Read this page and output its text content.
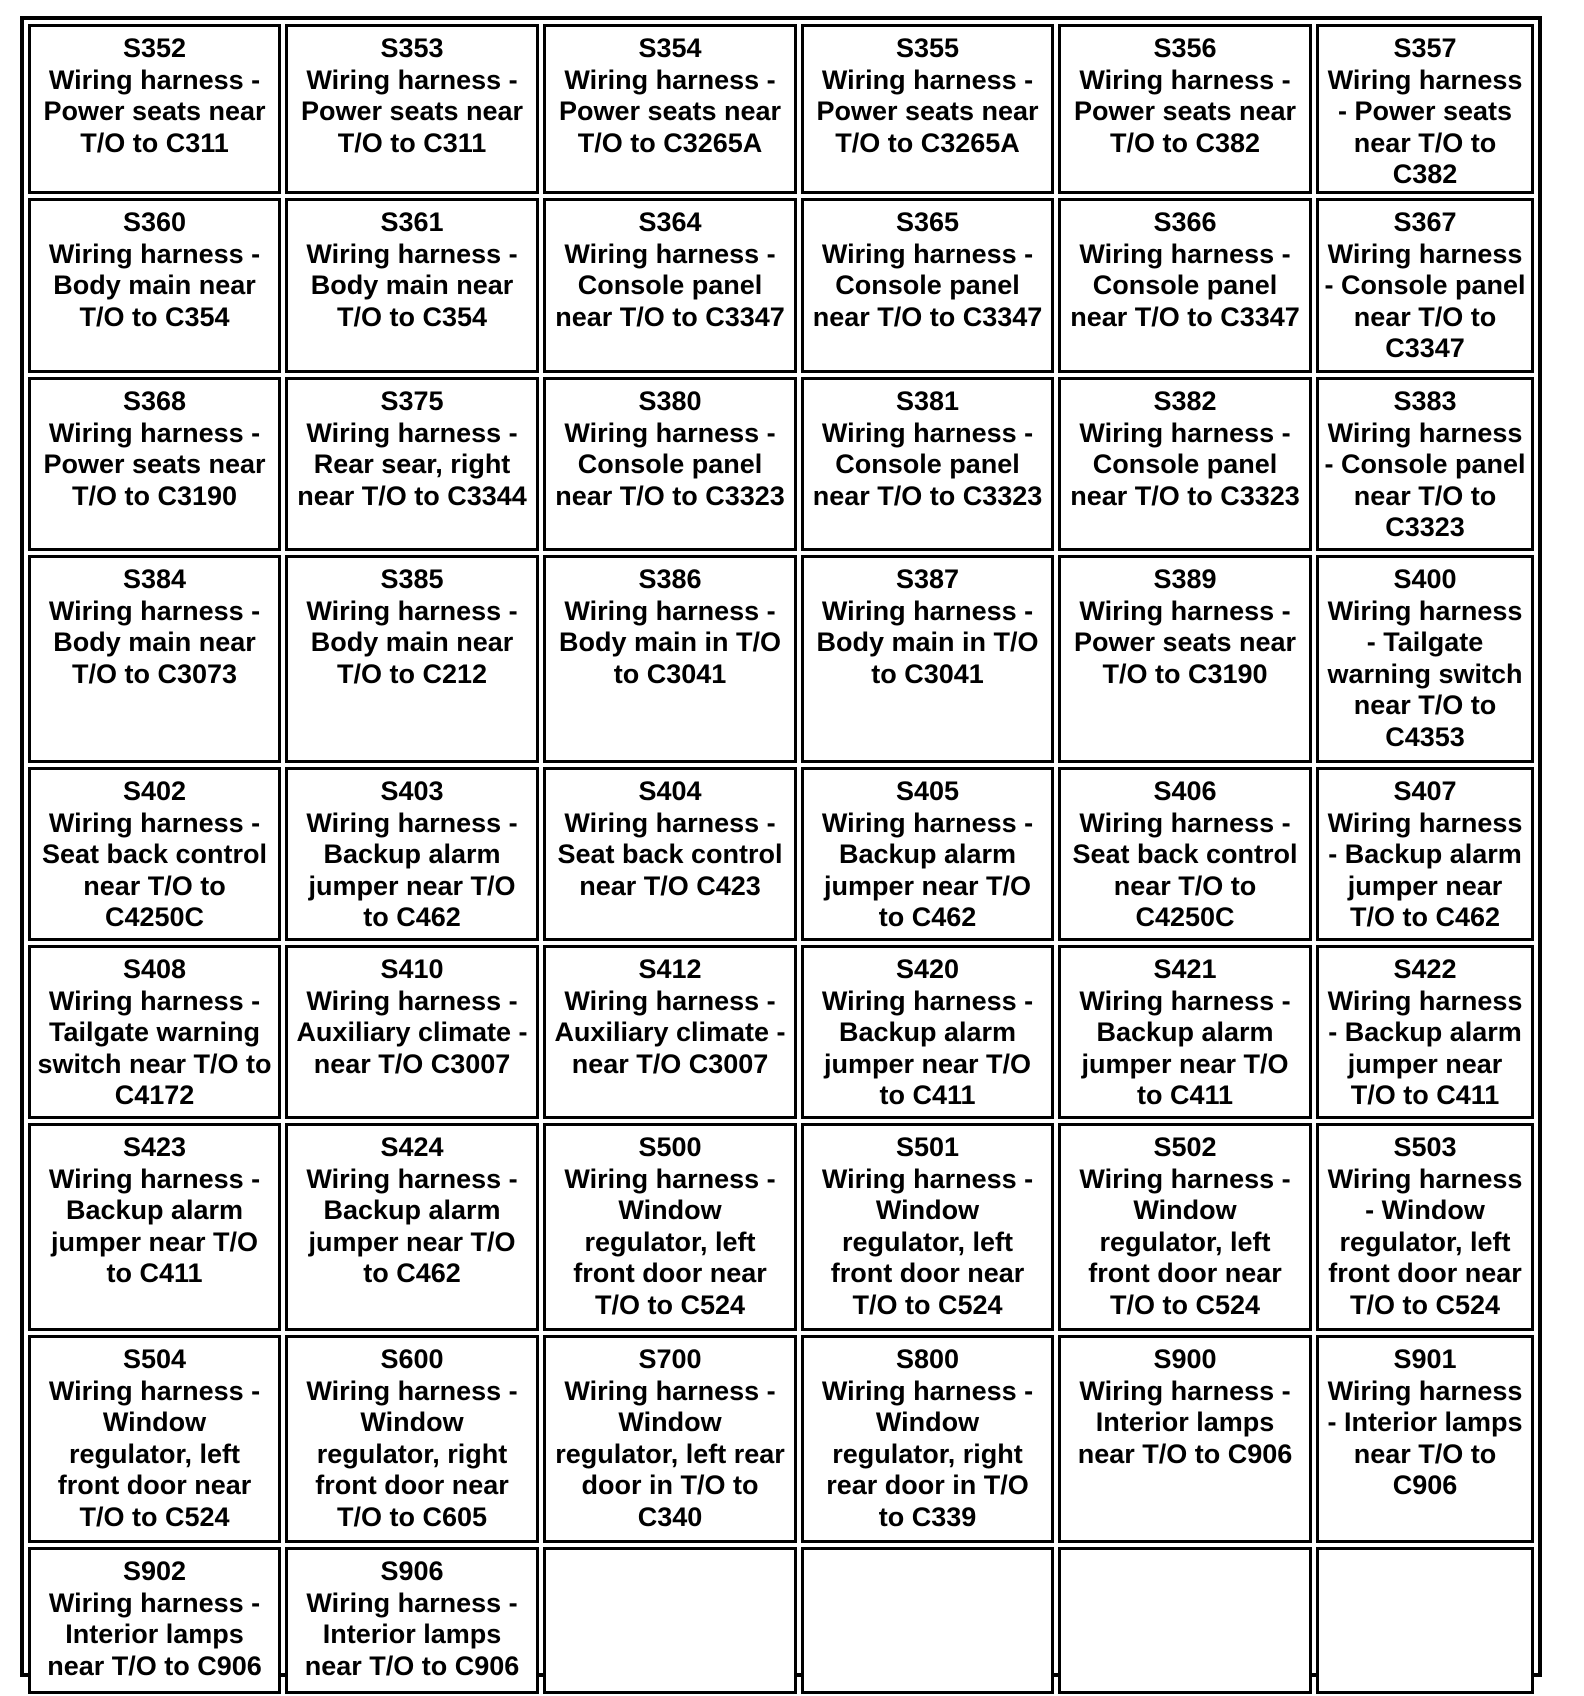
S352
Wiring harness -
Power seats near
T/O to C311
S353
Wiring harness -
Power seats near
T/O to C311
S354
Wiring harness -
Power seats near
T/O to C3265A
S355
Wiring harness -
Power seats near
T/O to C3265A
S356
Wiring harness -
Power seats near
T/O to C382
S357
Wiring harness
- Power seats
near T/O to
C382
S360
Wiring harness -
Body main near
T/O to C354
S361
Wiring harness -
Body main near
T/O to C354
S364
Wiring harness -
Console panel
near T/O to C3347
S365
Wiring harness -
Console panel
near T/O to C3347
S366
Wiring harness -
Console panel
near T/O to C3347
S367
Wiring harness
- Console panel
near T/O to
C3347
S368
Wiring harness -
Power seats near
T/O to C3190
S375
Wiring harness -
Rear sear, right
near T/O to C3344
S380
Wiring harness -
Console panel
near T/O to C3323
S381
Wiring harness -
Console panel
near T/O to C3323
S382
Wiring harness -
Console panel
near T/O to C3323
S383
Wiring harness
- Console panel
near T/O to
C3323
S384
Wiring harness -
Body main near
T/O to C3073
S385
Wiring harness -
Body main near
T/O to C212
S386
Wiring harness -
Body main in T/O
to C3041
S387
Wiring harness -
Body main in T/O
to C3041
S389
Wiring harness -
Power seats near
T/O to C3190
S400
Wiring harness
- Tailgate
warning switch
near T/O to
C4353
S402
Wiring harness -
Seat back control
near T/O to
C4250C
S403
Wiring harness -
Backup alarm
jumper near T/O
to C462
S404
Wiring harness -
Seat back control
near T/O C423
S405
Wiring harness -
Backup alarm
jumper near T/O
to C462
S406
Wiring harness -
Seat back control
near T/O to
C4250C
S407
Wiring harness
- Backup alarm
jumper near
T/O to C462
S408
Wiring harness -
Tailgate warning
switch near T/O to
C4172
S410
Wiring harness -
Auxiliary climate -
near T/O C3007
S412
Wiring harness -
Auxiliary climate -
near T/O C3007
S420
Wiring harness -
Backup alarm
jumper near T/O
to C411
S421
Wiring harness -
Backup alarm
jumper near T/O
to C411
S422
Wiring harness
- Backup alarm
jumper near
T/O to C411
S423
Wiring harness -
Backup alarm
jumper near T/O
to C411
S424
Wiring harness -
Backup alarm
jumper near T/O
to C462
S500
Wiring harness -
Window
regulator, left
front door near
T/O to C524
S501
Wiring harness -
Window
regulator, left
front door near
T/O to C524
S502
Wiring harness -
Window
regulator, left
front door near
T/O to C524
S503
Wiring harness
- Window
regulator, left
front door near
T/O to C524
S504
Wiring harness -
Window
regulator, left
front door near
T/O to C524
S600
Wiring harness -
Window
regulator, right
front door near
T/O to C605
S700
Wiring harness -
Window
regulator, left rear
door in T/O to
C340
S800
Wiring harness -
Window
regulator, right
rear door in T/O
to C339
S900
Wiring harness -
Interior lamps
near T/O to C906
S901
Wiring harness
- Interior lamps
near T/O to
C906
S902
Wiring harness -
Interior lamps
near T/O to C906
S906
Wiring harness -
Interior lamps
near T/O to C906
